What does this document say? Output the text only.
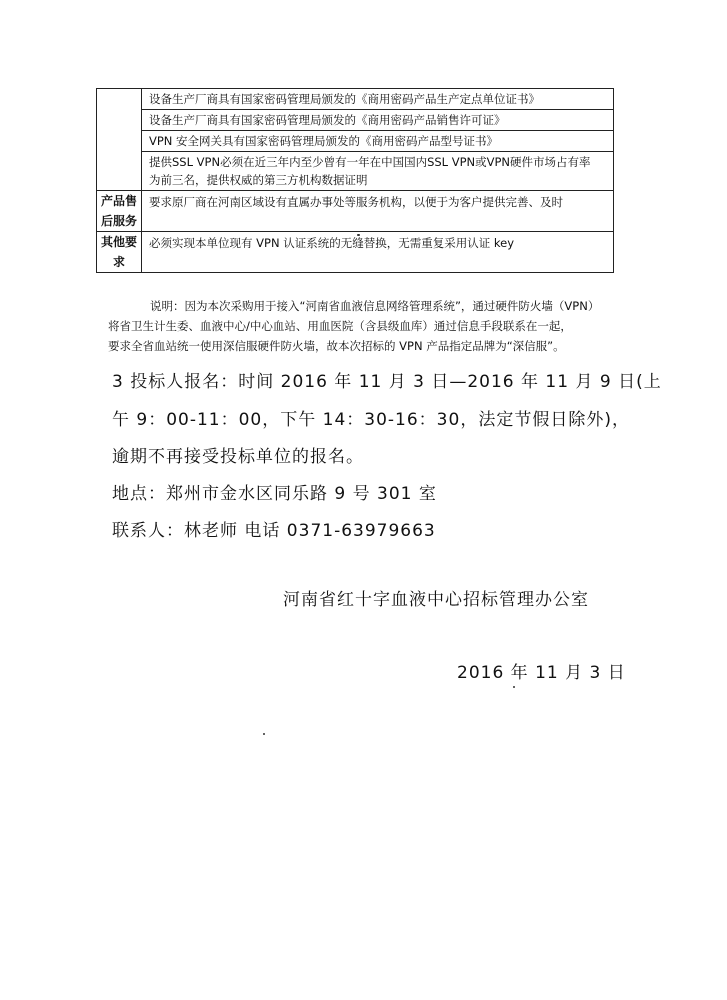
	设备生产厂商具有国家密码管理局颁发的《商用密码产品生产定点单位证书》
	设备生产厂商具有国家密码管理局颁发的《商用密码产品销售许可证》
	VPN 安全网关具有国家密码管理局颁发的《商用密码产品型号证书》

	提供SSL VPN必须在近三年内至少曾有一年在中国国内SSL VPN或VPN硬件市场占有率
为前三名，提供权威的第三方机构数据证明

产品售
后服务	要求原厂商在河南区域设有直属办事处等服务机构，以便于为客户提供完善、及时

其他要
求	必须实现本单位现有 VPN 认证系统的无缝替换，无需重复采用认证 key
说明：因为本次采购用于接入“河南省血液信息网络管理系统”，通过硬件防火墙（VPN）
将省卫生计生委、血液中心/中心血站、用血医院（含县级血库）通过信息手段联系在一起，
要求全省血站统一使用深信服硬件防火墙，故本次招标的 VPN 产品指定品牌为“深信服”。
3 投标人报名：时间 2016 年 11 月 3 日—2016 年 11 月 9 日(上
午 9：00-11：00，下午 14：30-16：30，法定节假日除外)，
逾期不再接受投标单位的报名。
地点：郑州市金水区同乐路 9 号 301 室
联系人：林老师 电话 0371-63979663
河南省红十字血液中心招标管理办公室
2016 年 11 月 3 日
